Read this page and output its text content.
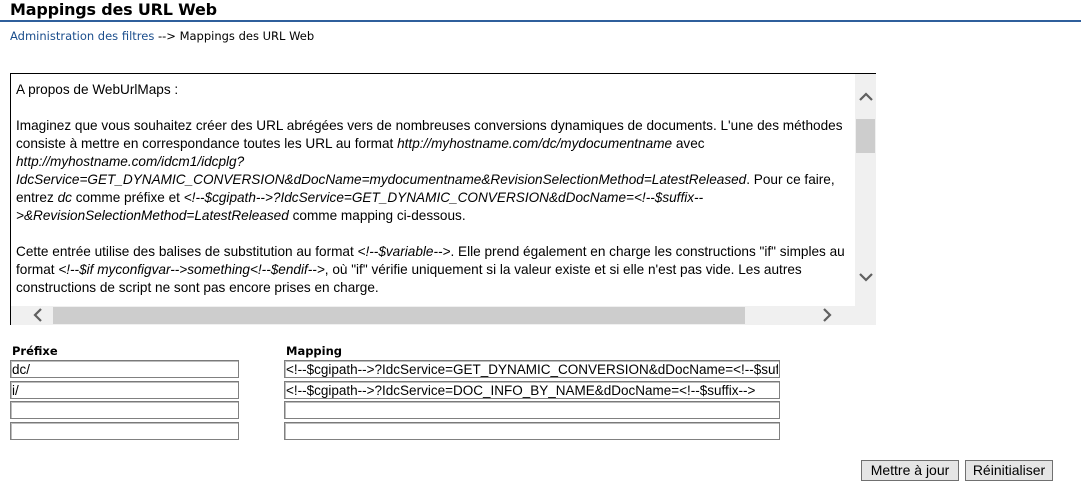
Mappings des URL Web
Administration des filtres --> Mappings des URL Web

A propos de WebUrlMaps :

Imaginez que vous souhaitez créer des URL abrégées vers de nombreuses conversions dynamiques de documents. L'une des méthodes consiste à mettre en correspondance toutes les URL au format http://myhostname.com/dc/mydocumentname avec http://myhostname.com/idcm1/idcplg?IdcService=GET_DYNAMIC_CONVERSION&dDocName=mydocumentname&RevisionSelectionMethod=LatestReleased. Pour ce faire, entrez dc comme préfixe et <!--$cgipath-->?IdcService=GET_DYNAMIC_CONVERSION&dDocName=<!--$suffix-->&RevisionSelectionMethod=LatestReleased comme mapping ci-dessous.

Cette entrée utilise des balises de substitution au format <!--$variable-->. Elle prend également en charge les constructions "if" simples au format <!--$if myconfigvar-->something<!--$endif-->, où "if" vérifie uniquement si la valeur existe et si elle n'est pas vide. Les autres constructions de script ne sont pas encore prises en charge.

Préfixe	Mapping
dc/
i/
<!--$cgipath-->?IdcService=GET_DYNAMIC_CONVERSION&dDocName=<!--$suffix-->&RevisionSelectionMethod=LatestReleased
<!--$cgipath-->?IdcService=DOC_INFO_BY_NAME&dDocName=<!--$suffix-->
Mettre à jour	Réinitialiser
